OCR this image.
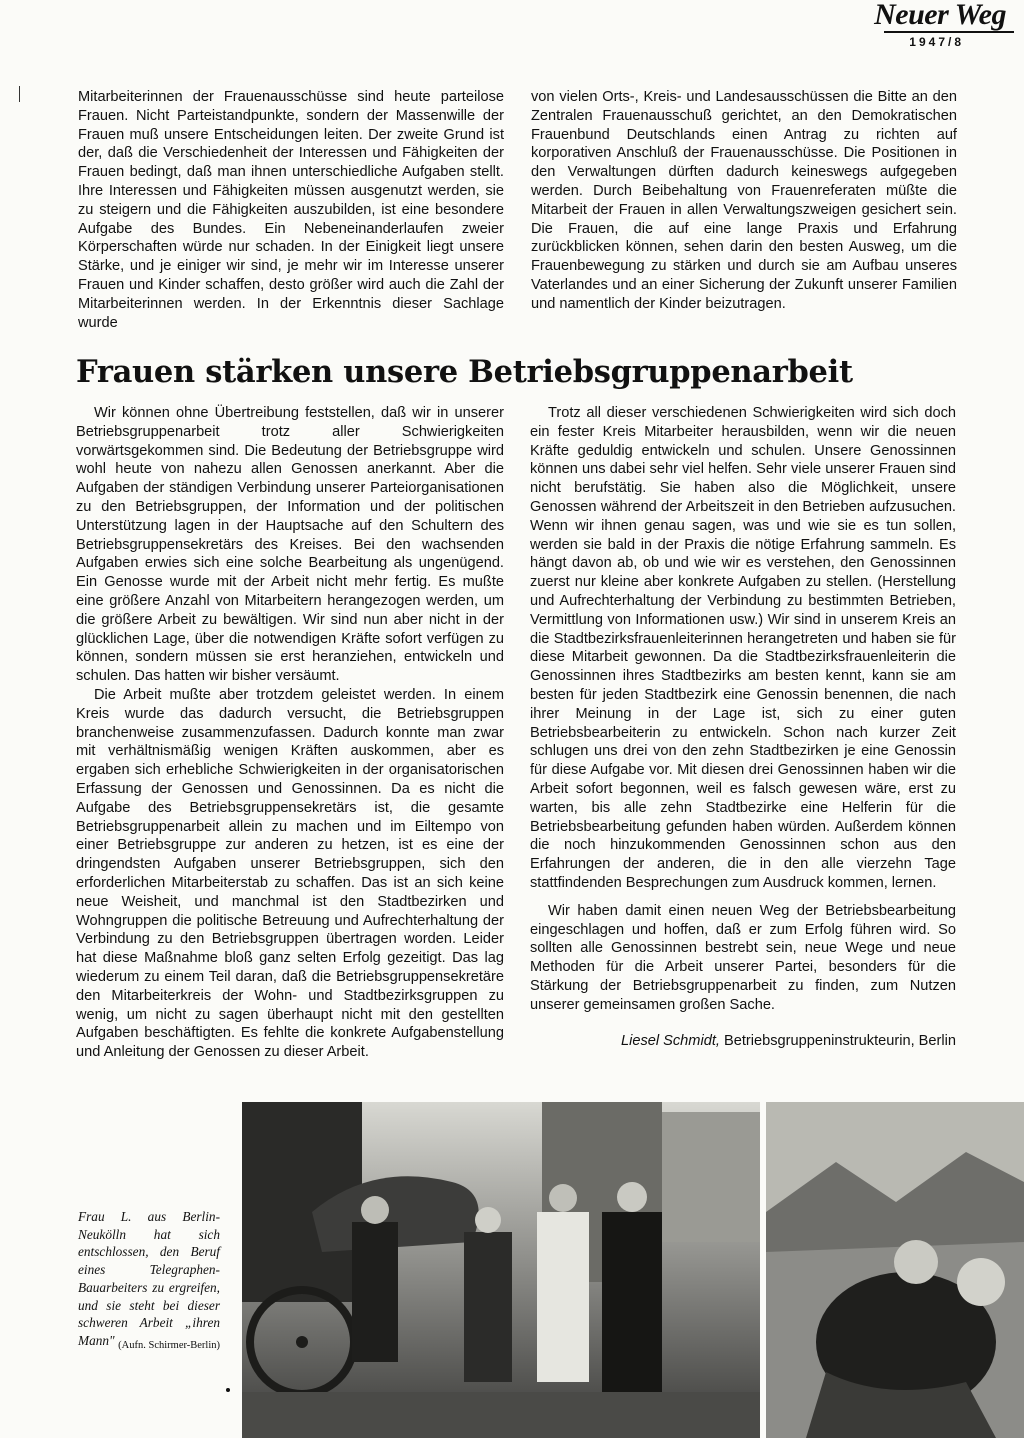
Neuer Weg
1947/8

Mitarbeiterinnen der Frauenausschüsse sind heute parteilose Frauen. Nicht Parteistandpunkte, sondern der Massenwille der Frauen muß unsere Entscheidungen leiten. Der zweite Grund ist der, daß die Verschiedenheit der Interessen und Fähigkeiten der Frauen bedingt, daß man ihnen unterschiedliche Aufgaben stellt. Ihre Interessen und Fähigkeiten müssen ausgenutzt werden, sie zu steigern und die Fähigkeiten auszubilden, ist eine besondere Aufgabe des Bundes. Ein Nebeneinanderlaufen zweier Körperschaften würde nur schaden. In der Einigkeit liegt unsere Stärke, und je einiger wir sind, je mehr wir im Interesse unserer Frauen und Kinder schaffen, desto größer wird auch die Zahl der Mitarbeiterinnen werden. In der Erkenntnis dieser Sachlage wurde

von vielen Orts-, Kreis- und Landesausschüssen die Bitte an den Zentralen Frauenausschuß gerichtet, an den Demokratischen Frauenbund Deutschlands einen Antrag zu richten auf korporativen Anschluß der Frauenausschüsse. Die Positionen in den Verwaltungen dürften dadurch keineswegs aufgegeben werden. Durch Beibehaltung von Frauenreferaten müßte die Mitarbeit der Frauen in allen Verwaltungszweigen gesichert sein. Die Frauen, die auf eine lange Praxis und Erfahrung zurückblicken können, sehen darin den besten Ausweg, um die Frauenbewegung zu stärken und durch sie am Aufbau unseres Vaterlandes und an einer Sicherung der Zukunft unserer Familien und namentlich der Kinder beizutragen.

Frauen stärken unsere Betriebsgruppenarbeit

Wir können ohne Übertreibung feststellen, daß wir in unserer Betriebsgruppenarbeit trotz aller Schwierigkeiten vorwärtsgekommen sind. Die Bedeutung der Betriebsgruppe wird wohl heute von nahezu allen Genossen anerkannt. Aber die Aufgaben der ständigen Verbindung unserer Parteiorganisationen zu den Betriebsgruppen, der Information und der politischen Unterstützung lagen in der Hauptsache auf den Schultern des Betriebsgruppensekretärs des Kreises. Bei den wachsenden Aufgaben erwies sich eine solche Bearbeitung als ungenügend. Ein Genosse wurde mit der Arbeit nicht mehr fertig. Es mußte eine größere Anzahl von Mitarbeitern herangezogen werden, um die größere Arbeit zu bewältigen. Wir sind nun aber nicht in der glücklichen Lage, über die notwendigen Kräfte sofort verfügen zu können, sondern müssen sie erst heranziehen, entwickeln und schulen. Das hatten wir bisher versäumt.

Die Arbeit mußte aber trotzdem geleistet werden. In einem Kreis wurde das dadurch versucht, die Betriebsgruppen branchenweise zusammenzufassen. Dadurch konnte man zwar mit verhältnismäßig wenigen Kräften auskommen, aber es ergaben sich erhebliche Schwierigkeiten in der organisatorischen Erfassung der Genossen und Genossinnen. Da es nicht die Aufgabe des Betriebsgruppensekretärs ist, die gesamte Betriebsgruppenarbeit allein zu machen und im Eiltempo von einer Betriebsgruppe zur anderen zu hetzen, ist es eine der dringendsten Aufgaben unserer Betriebsgruppen, sich den erforderlichen Mitarbeiterstab zu schaffen. Das ist an sich keine neue Weisheit, und manchmal ist den Stadtbezirken und Wohngruppen die politische Betreuung und Aufrechterhaltung der Verbindung zu den Betriebsgruppen übertragen worden. Leider hat diese Maßnahme bloß ganz selten Erfolg gezeitigt. Das lag wiederum zu einem Teil daran, daß die Betriebsgruppensekretäre den Mitarbeiterkreis der Wohn- und Stadtbezirksgruppen zu wenig, um nicht zu sagen überhaupt nicht mit den gestellten Aufgaben beschäftigten. Es fehlte die konkrete Aufgabenstellung und Anleitung der Genossen zu dieser Arbeit.

Trotz all dieser verschiedenen Schwierigkeiten wird sich doch ein fester Kreis Mitarbeiter herausbilden, wenn wir die neuen Kräfte geduldig entwickeln und schulen. Unsere Genossinnen können uns dabei sehr viel helfen. Sehr viele unserer Frauen sind nicht berufstätig. Sie haben also die Möglichkeit, unsere Genossen während der Arbeitszeit in den Betrieben aufzusuchen. Wenn wir ihnen genau sagen, was und wie sie es tun sollen, werden sie bald in der Praxis die nötige Erfahrung sammeln. Es hängt davon ab, ob und wie wir es verstehen, den Genossinnen zuerst nur kleine aber konkrete Aufgaben zu stellen. (Herstellung und Aufrechterhaltung der Verbindung zu bestimmten Betrieben, Vermittlung von Informationen usw.) Wir sind in unserem Kreis an die Stadtbezirksfrauenleiterinnen herangetreten und haben sie für diese Mitarbeit gewonnen. Da die Stadtbezirksfrauenleiterin die Genossinnen ihres Stadtbezirks am besten kennt, kann sie am besten für jeden Stadtbezirk eine Genossin benennen, die nach ihrer Meinung in der Lage ist, sich zu einer guten Betriebsbearbeiterin zu entwickeln. Schon nach kurzer Zeit schlugen uns drei von den zehn Stadtbezirken je eine Genossin für diese Aufgabe vor. Mit diesen drei Genossinnen haben wir die Arbeit sofort begonnen, weil es falsch gewesen wäre, erst zu warten, bis alle zehn Stadtbezirke eine Helferin für die Betriebsbearbeitung gefunden haben würden. Außerdem können die noch hinzukommenden Genossinnen schon aus den Erfahrungen der anderen, die in den alle vierzehn Tage stattfindenden Besprechungen zum Ausdruck kommen, lernen.

Wir haben damit einen neuen Weg der Betriebsbearbeitung eingeschlagen und hoffen, daß er zum Erfolg führen wird. So sollten alle Genossinnen bestrebt sein, neue Wege und neue Methoden für die Arbeit unserer Partei, besonders für die Stärkung der Betriebsgruppenarbeit zu finden, zum Nutzen unserer gemeinsamen großen Sache.

Liesel Schmidt, Betriebsgruppeninstrukteurin, Berlin

Frau L. aus Berlin-Neukölln hat sich entschlossen, den Beruf eines Telegraphen-Bauarbeiters zu ergreifen, und sie steht bei dieser schweren Arbeit „ihren Mann" (Aufn. Schirmer-Berlin)
